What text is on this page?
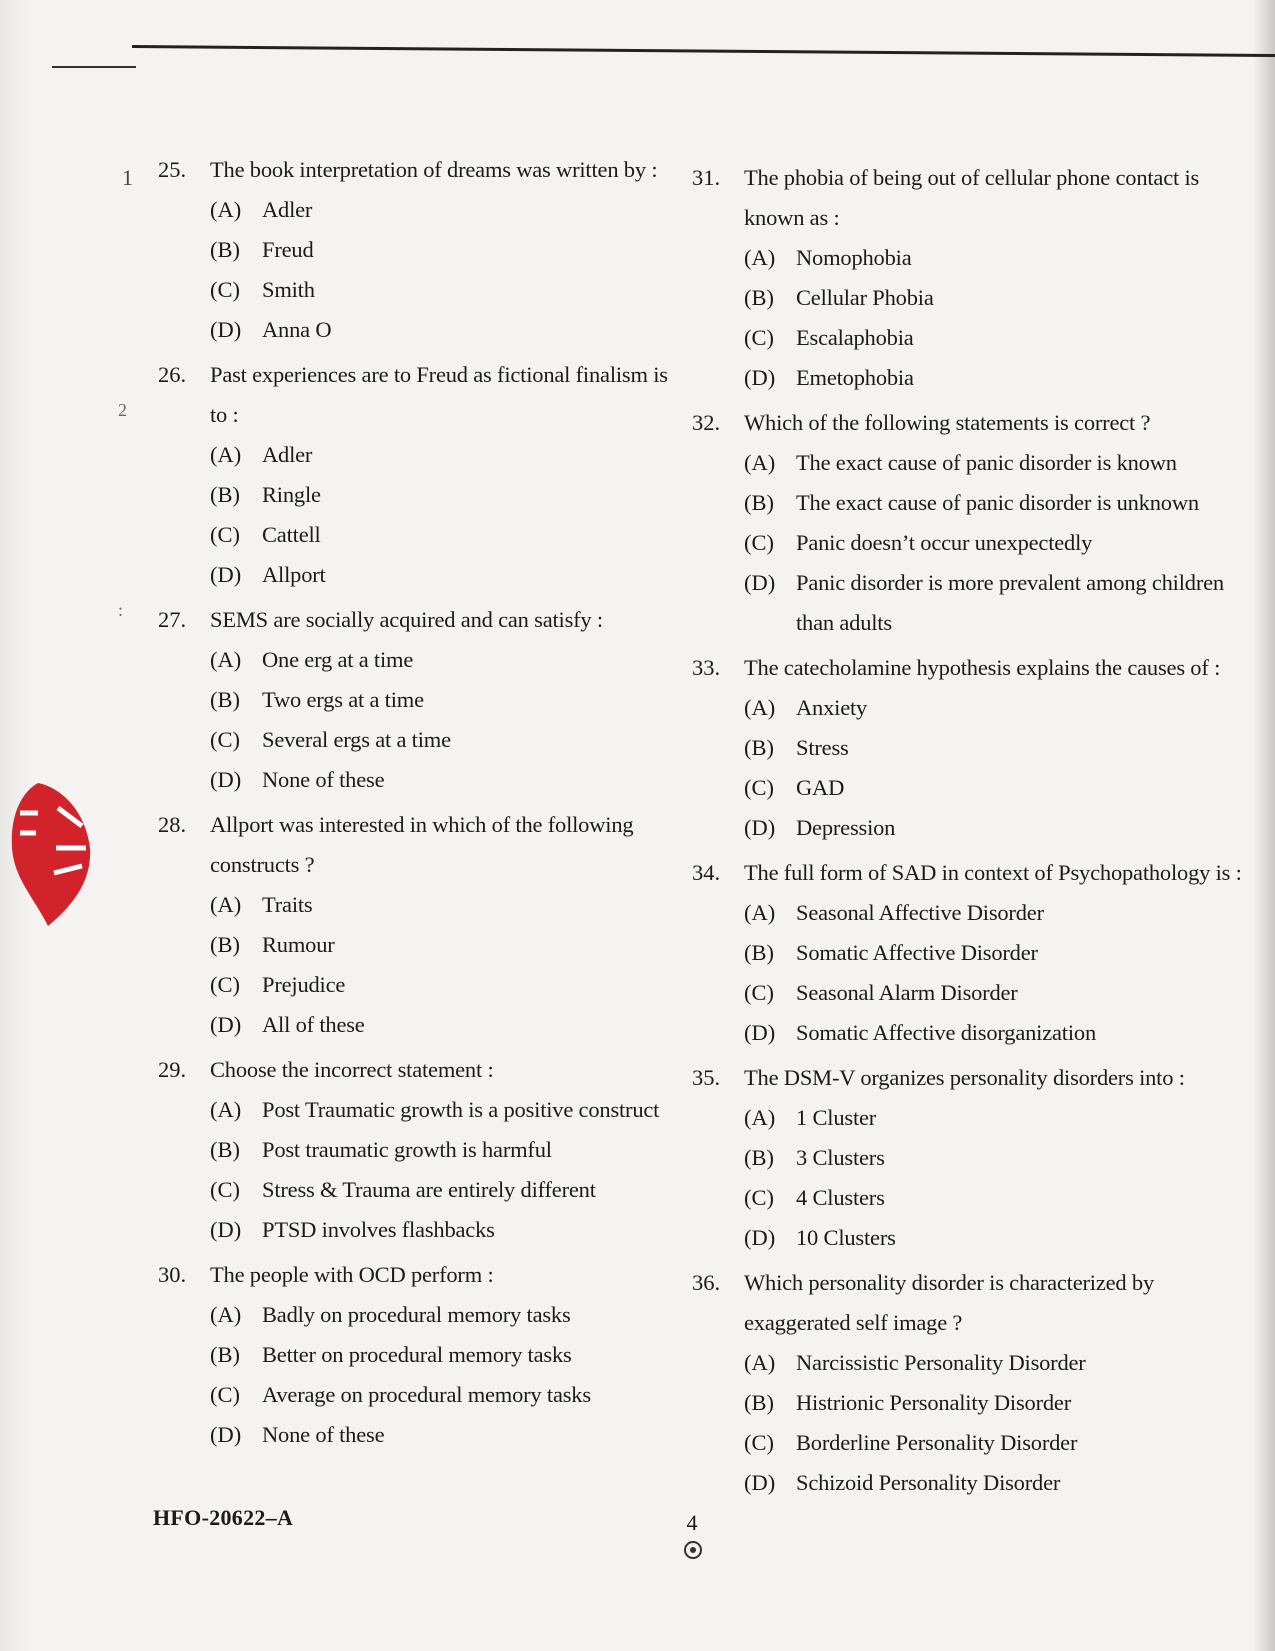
1
2
:
25.	The book interpretation of dreams was written by :
(A) Adler
(B) Freud
(C) Smith
(D) Anna O
26.	Past experiences are to Freud as fictional finalism is to :
(A) Adler
(B) Ringle
(C) Cattell
(D) Allport
27.	SEMS are socially acquired and can satisfy :
(A) One erg at a time
(B) Two ergs at a time
(C) Several ergs at a time
(D) None of these
28.	Allport was interested in which of the following constructs ?
(A) Traits
(B) Rumour
(C) Prejudice
(D) All of these
29.	Choose the incorrect statement :
(A) Post Traumatic growth is a positive construct
(B) Post traumatic growth is harmful
(C) Stress & Trauma are entirely different
(D) PTSD involves flashbacks
30.	The people with OCD perform :
(A) Badly on procedural memory tasks
(B) Better on procedural memory tasks
(C) Average on procedural memory tasks
(D) None of these
31.	The phobia of being out of cellular phone contact is known as :
(A) Nomophobia
(B) Cellular Phobia
(C) Escalaphobia
(D) Emetophobia
32.	Which of the following statements is correct ?
(A) The exact cause of panic disorder is known
(B) The exact cause of panic disorder is unknown
(C) Panic doesn’t occur unexpectedly
(D) Panic disorder is more prevalent among children than adults
33.	The catecholamine hypothesis explains the causes of :
(A) Anxiety
(B) Stress
(C) GAD
(D) Depression
34.	The full form of SAD in context of Psychopathology is :
(A) Seasonal Affective Disorder
(B) Somatic Affective Disorder
(C) Seasonal Alarm Disorder
(D) Somatic Affective disorganization
35.	The DSM-V organizes personality disorders into :
(A) 1 Cluster
(B) 3 Clusters
(C) 4 Clusters
(D) 10 Clusters
36.	Which personality disorder is characterized by exaggerated self image ?
(A) Narcissistic Personality Disorder
(B) Histrionic Personality Disorder
(C) Borderline Personality Disorder
(D) Schizoid Personality Disorder
HFO-20622–A	4
